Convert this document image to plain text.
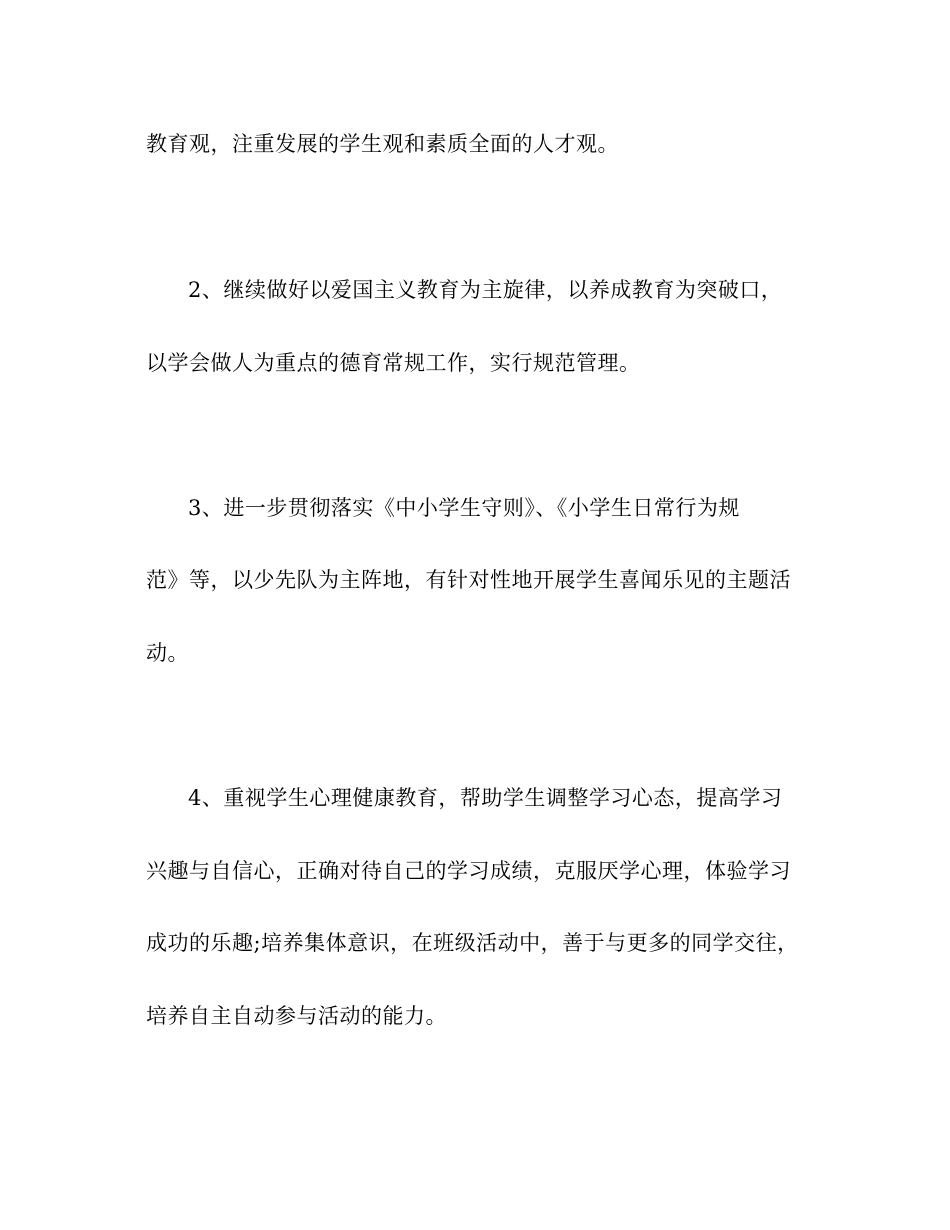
教育观，注重发展的学生观和素质全面的人才观。
2、继续做好以爱国主义教育为主旋律，以养成教育为突破口，
以学会做人为重点的德育常规工作，实行规范管理。
3、进一步贯彻落实《中小学生守则》、《小学生日常行为规
范》等，以少先队为主阵地，有针对性地开展学生喜闻乐见的主题活
动。
4、重视学生心理健康教育，帮助学生调整学习心态，提高学习
兴趣与自信心，正确对待自己的学习成绩，克服厌学心理，体验学习
成功的乐趣;培养集体意识，在班级活动中，善于与更多的同学交往，
培养自主自动参与活动的能力。
